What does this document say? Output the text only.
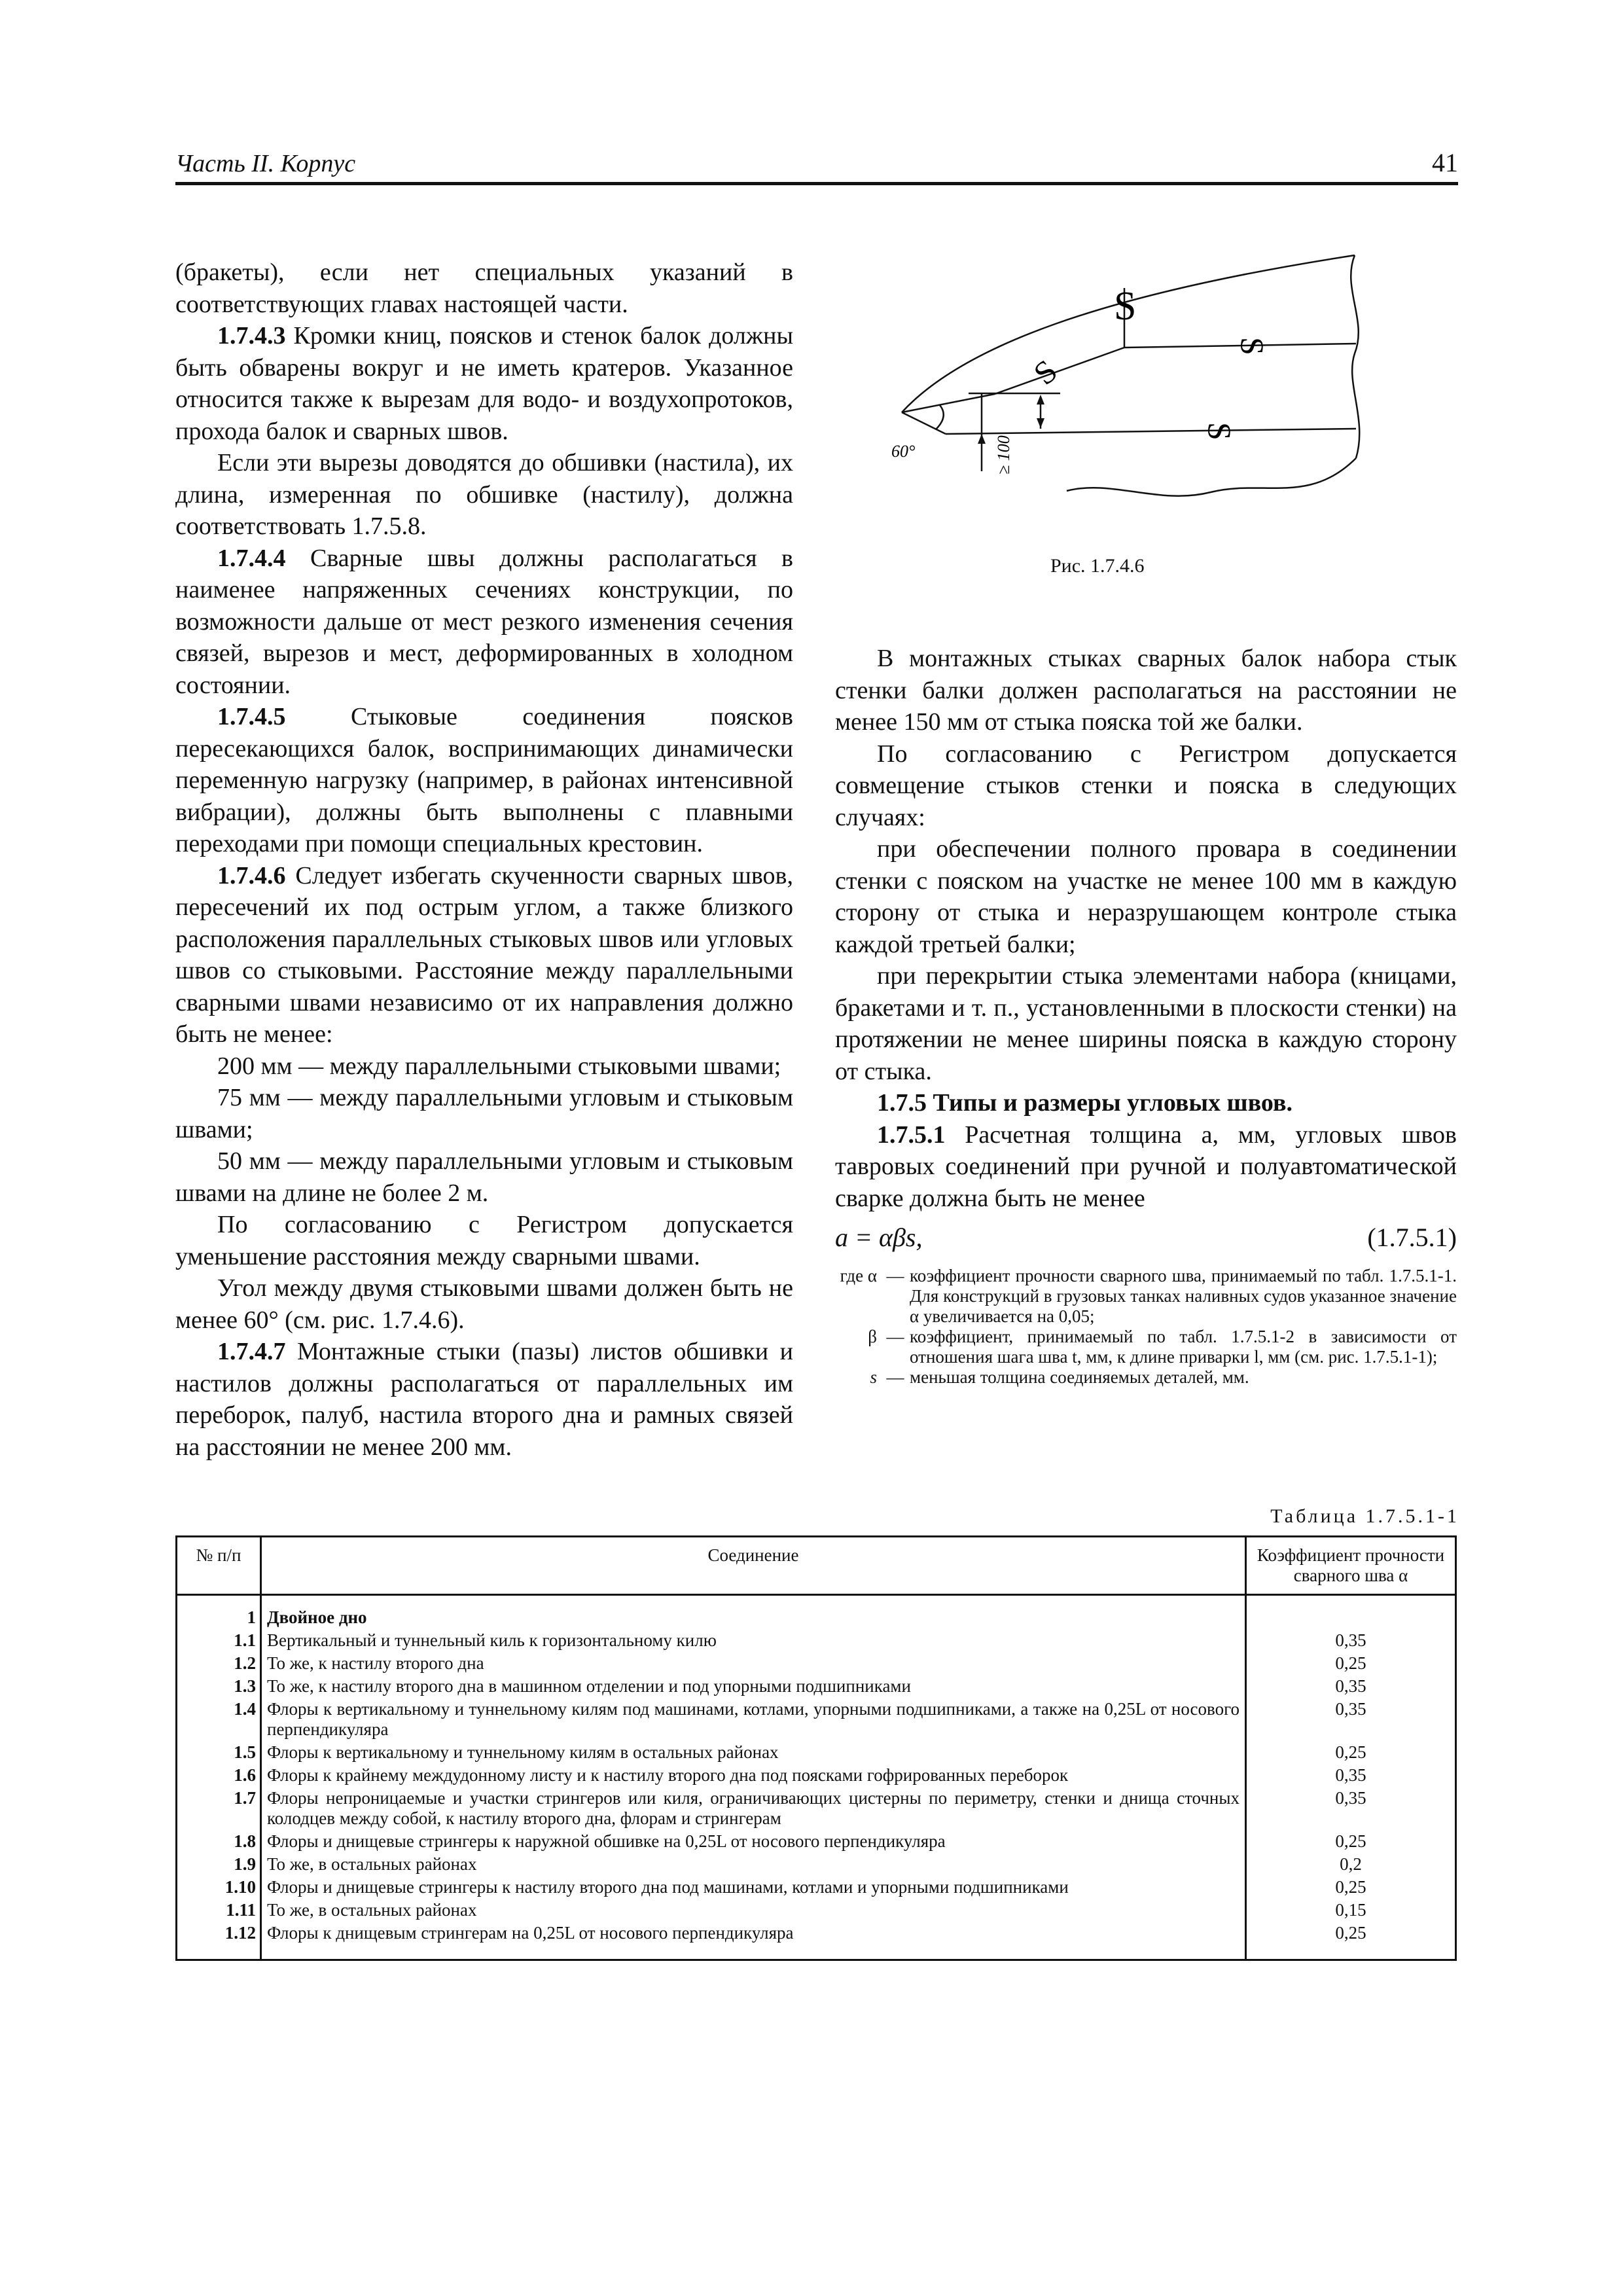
Часть II. Корпус	41

(бракеты), если нет специальных указаний в соответствующих главах настоящей части.

1.7.4.3 Кромки книц, поясков и стенок балок должны быть обварены вокруг и не иметь кратеров. Указанное относится также к вырезам для водо- и воздухопротоков, прохода балок и сварных швов.

Если эти вырезы доводятся до обшивки (настила), их длина, измеренная по обшивке (настилу), должна соответствовать 1.7.5.8.

1.7.4.4 Сварные швы должны располагаться в наименее напряженных сечениях конструкции, по возможности дальше от мест резкого изменения сечения связей, вырезов и мест, деформированных в холодном состоянии.

1.7.4.5 Стыковые соединения поясков пересекающихся балок, воспринимающих динамически переменную нагрузку (например, в районах интенсивной вибрации), должны быть выполнены с плавными переходами при помощи специальных крестовин.

1.7.4.6 Следует избегать скученности сварных швов, пересечений их под острым углом, а также близкого расположения параллельных стыковых швов или угловых швов со стыковыми. Расстояние между параллельными сварными швами независимо от их направления должно быть не менее:

200 мм — между параллельными стыковыми швами;

75 мм — между параллельными угловым и стыковым швами;

50 мм — между параллельными угловым и стыковым швами на длине не более 2 м.

По согласованию с Регистром допускается уменьшение расстояния между сварными швами.

Угол между двумя стыковыми швами должен быть не менее 60° (см. рис. 1.7.4.6).

1.7.4.7 Монтажные стыки (пазы) листов обшивки и настилов должны располагаться от параллельных им переборок, палуб, настила второго дна и рамных связей на расстоянии не менее 200 мм.

S
S
S
S
60°	≥ 100
Рис. 1.7.4.6

В монтажных стыках сварных балок набора стык стенки балки должен располагаться на расстоянии не менее 150 мм от стыка пояска той же балки.

По согласованию с Регистром допускается совмещение стыков стенки и пояска в следующих случаях:

при обеспечении полного провара в соединении стенки с пояском на участке не менее 100 мм в каждую сторону от стыка и неразрушающем контроле стыка каждой третьей балки;

при перекрытии стыка элементами набора (кницами, бракетами и т. п., установленными в плоскости стенки) на протяжении не менее ширины пояска в каждую сторону от стыка.

1.7.5 Типы и размеры угловых швов.

1.7.5.1 Расчетная толщина a, мм, угловых швов тавровых соединений при ручной и полуавтоматической сварке должна быть не менее

a = αβs,	(1.7.5.1)
где α — коэффициент прочности сварного шва, принимаемый по табл. 1.7.5.1-1. Для конструкций в грузовых танках наливных судов указанное значение α увеличивается на 0,05;
β — коэффициент, принимаемый по табл. 1.7.5.1-2 в зависимости от отношения шага шва t, мм, к длине приварки l, мм (см. рис. 1.7.5.1-1);
s — меньшая толщина соединяемых деталей, мм.
Таблица 1.7.5.1-1
№ п/п	Соединение	Коэффициент прочности сварного шва α
1	Двойное дно	
1.1	Вертикальный и туннельный киль к горизонтальному килю	0,35
1.2	То же, к настилу второго дна	0,25
1.3	То же, к настилу второго дна в машинном отделении и под упорными подшипниками	0,35
1.4	Флоры к вертикальному и туннельному килям под машинами, котлами, упорными подшипниками, а также на 0,25L от носового перпендикуляра	0,35
1.5	Флоры к вертикальному и туннельному килям в остальных районах	0,25
1.6	Флоры к крайнему междудонному листу и к настилу второго дна под поясками гофрированных переборок	0,35
1.7	Флоры непроницаемые и участки стрингеров или киля, ограничивающих цистерны по периметру, стенки и днища сточных колодцев между собой, к настилу второго дна, флорам и стрингерам	0,35
1.8	Флоры и днищевые стрингеры к наружной обшивке на 0,25L от носового перпендикуляра	0,25
1.9	То же, в остальных районах	0,2
1.10	Флоры и днищевые стрингеры к настилу второго дна под машинами, котлами и упорными подшипниками	0,25
1.11	То же, в остальных районах	0,15
1.12	Флоры к днищевым стрингерам на 0,25L от носового перпендикуляра	0,25
